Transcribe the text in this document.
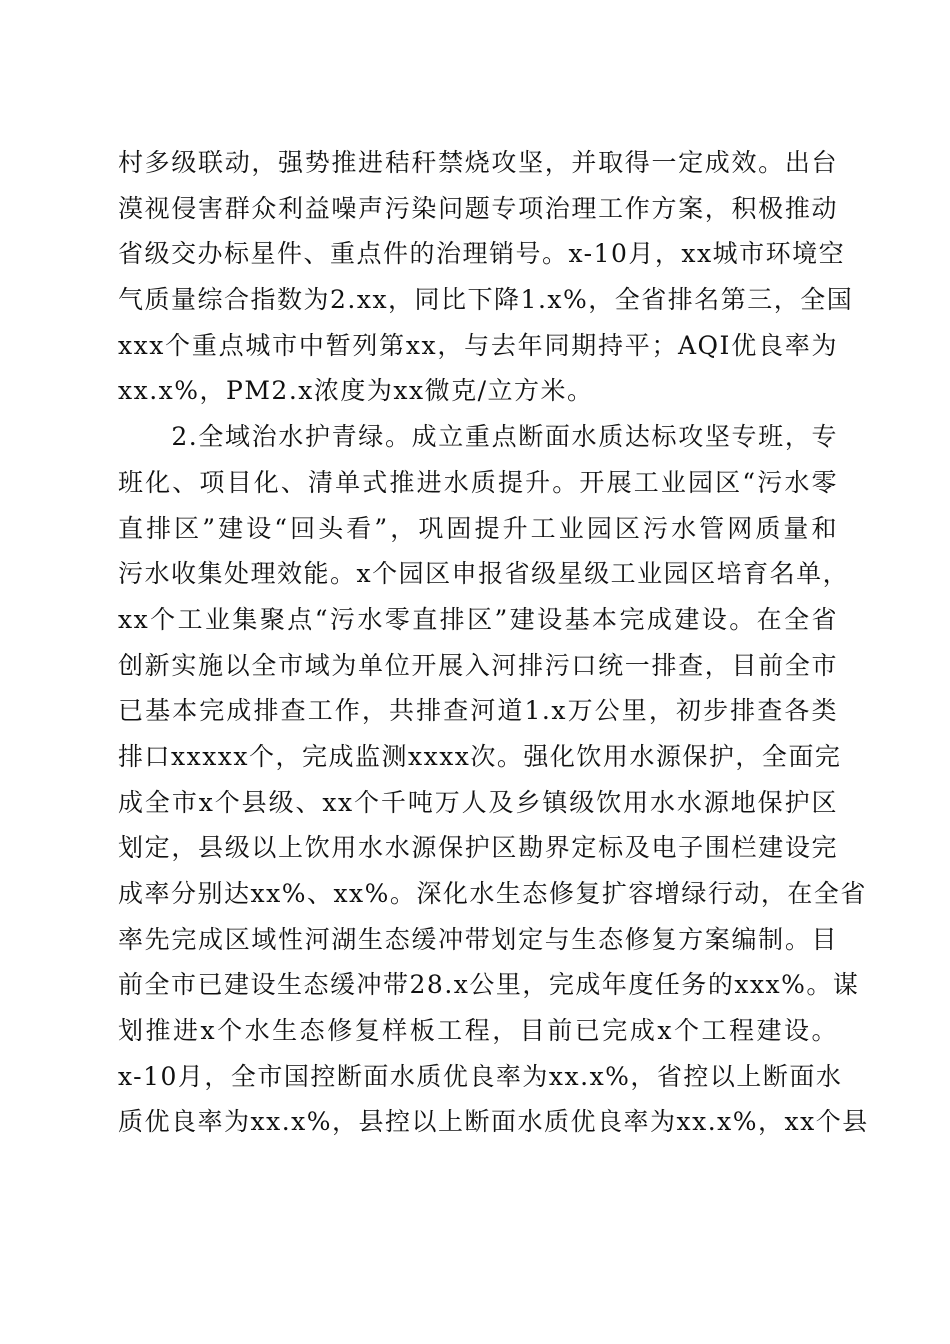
村多级联动，强势推进秸秆禁烧攻坚，并取得一定成效。出台
漠视侵害群众利益噪声污染问题专项治理工作方案，积极推动
省级交办标星件、重点件的治理销号。x-10月，xx城市环境空
气质量综合指数为2.xx，同比下降1.x%，全省排名第三，全国
xxx个重点城市中暂列第xx，与去年同期持平；AQI优良率为
xx.x%，PM2.x浓度为xx微克/立方米。
　　2.全域治水护青绿。成立重点断面水质达标攻坚专班，专
班化、项目化、清单式推进水质提升。开展工业园区“污水零
直排区”建设“回头看”，巩固提升工业园区污水管网质量和
污水收集处理效能。x个园区申报省级星级工业园区培育名单，
xx个工业集聚点“污水零直排区”建设基本完成建设。在全省
创新实施以全市域为单位开展入河排污口统一排查，目前全市
已基本完成排查工作，共排查河道1.x万公里，初步排查各类
排口xxxxx个，完成监测xxxx次。强化饮用水源保护，全面完
成全市x个县级、xx个千吨万人及乡镇级饮用水水源地保护区
划定，县级以上饮用水水源保护区勘界定标及电子围栏建设完
成率分别达xx%、xx%。深化水生态修复扩容增绿行动，在全省
率先完成区域性河湖生态缓冲带划定与生态修复方案编制。目
前全市已建设生态缓冲带28.x公里，完成年度任务的xxx%。谋
划推进x个水生态修复样板工程，目前已完成x个工程建设。
x-10月，全市国控断面水质优良率为xx.x%，省控以上断面水
质优良率为xx.x%，县控以上断面水质优良率为xx.x%，xx个县
